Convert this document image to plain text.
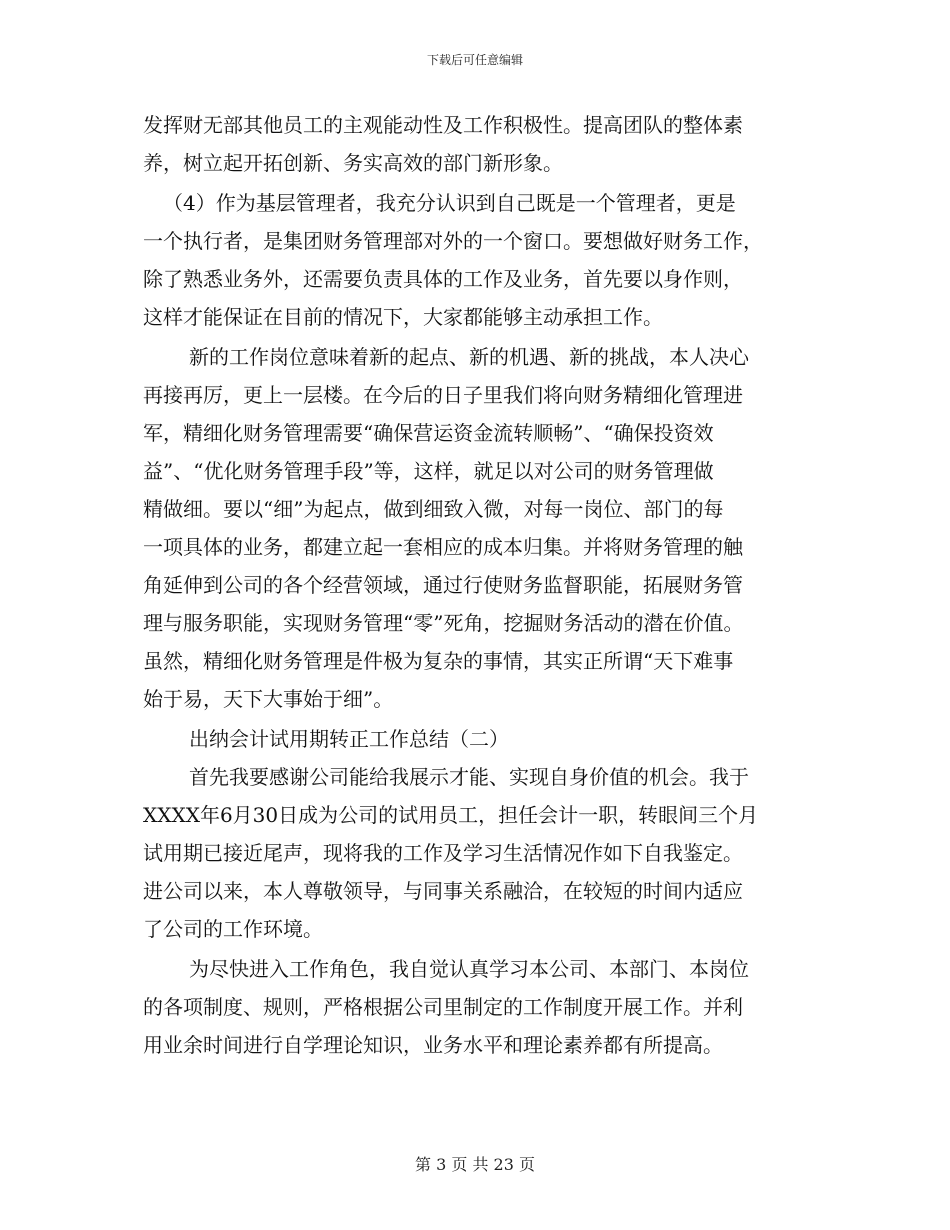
下载后可任意编辑
发挥财无部其他员工的主观能动性及工作积极性。提高团队的整体素
养，树立起开拓创新、务实高效的部门新形象。
（4）作为基层管理者，我充分认识到自己既是一个管理者，更是
一个执行者，是集团财务管理部对外的一个窗口。要想做好财务工作，
除了熟悉业务外，还需要负责具体的工作及业务，首先要以身作则，
这样才能保证在目前的情况下，大家都能够主动承担工作。
新的工作岗位意味着新的起点、新的机遇、新的挑战，本人决心
再接再厉，更上一层楼。在今后的日子里我们将向财务精细化管理进
军，精细化财务管理需要“确保营运资金流转顺畅”、“确保投资效
益”、“优化财务管理手段”等，这样，就足以对公司的财务管理做
精做细。要以“细”为起点，做到细致入微，对每一岗位、部门的每
一项具体的业务，都建立起一套相应的成本归集。并将财务管理的触
角延伸到公司的各个经营领域，通过行使财务监督职能，拓展财务管
理与服务职能，实现财务管理“零”死角，挖掘财务活动的潜在价值。
虽然，精细化财务管理是件极为复杂的事情，其实正所谓“天下难事
始于易，天下大事始于细”。
出纳会计试用期转正工作总结（二）
首先我要感谢公司能给我展示才能、实现自身价值的机会。我于
XXXX年6月30日成为公司的试用员工，担任会计一职，转眼间三个月
试用期已接近尾声，现将我的工作及学习生活情况作如下自我鉴定。
进公司以来，本人尊敬领导，与同事关系融洽，在较短的时间内适应
了公司的工作环境。
为尽快进入工作角色，我自觉认真学习本公司、本部门、本岗位
的各项制度、规则，严格根据公司里制定的工作制度开展工作。并利
用业余时间进行自学理论知识，业务水平和理论素养都有所提高。
第 3 页 共 23 页
